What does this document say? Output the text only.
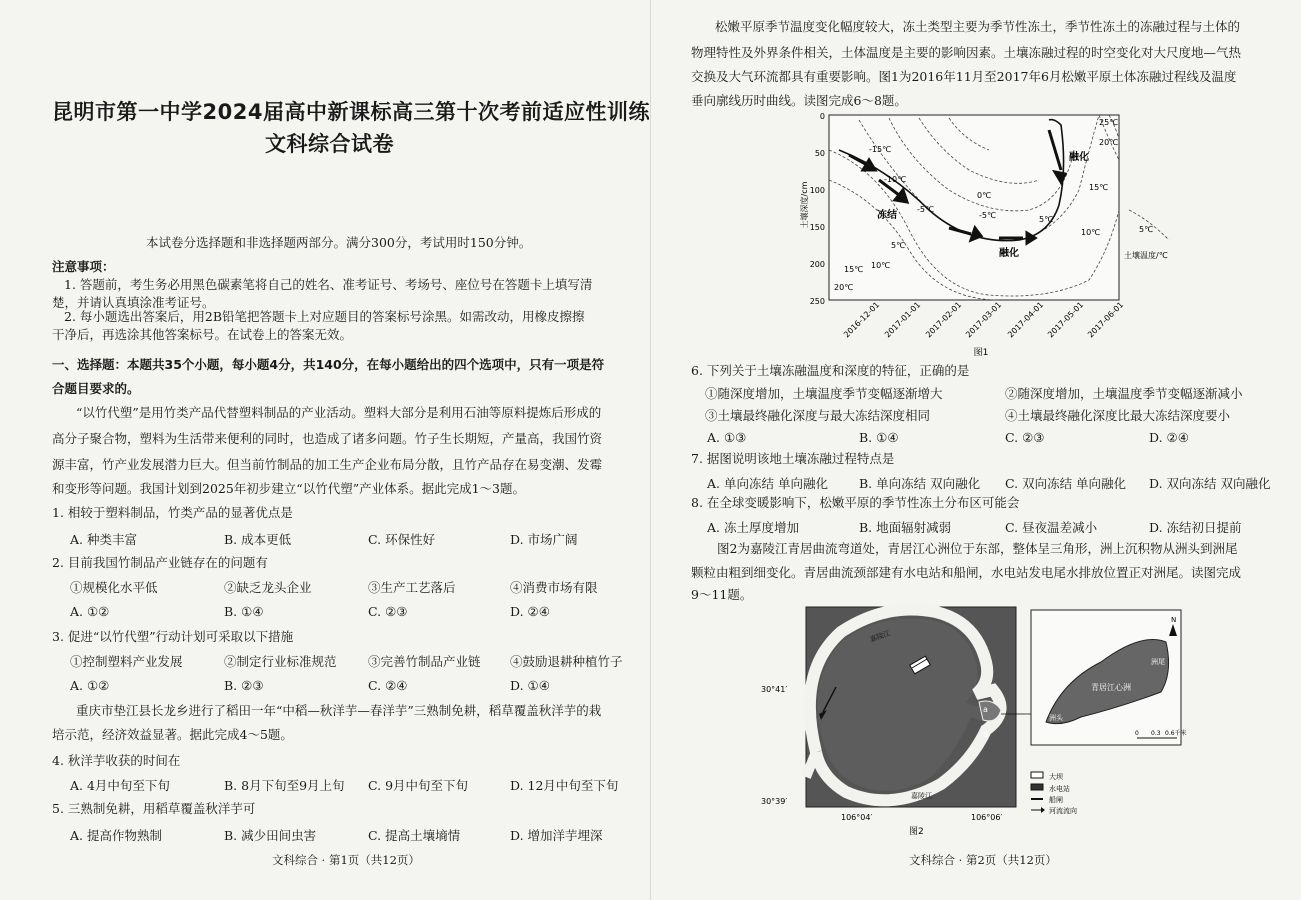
昆明市第一中学2024届高中新课标高三第十次考前适应性训练
文科综合试卷
本试卷分选择题和非选择题两部分。满分300分，考试用时150分钟。
注意事项：
1. 答题前，考生务必用黑色碳素笔将自己的姓名、准考证号、考场号、座位号在答题卡上填写清
楚，并请认真填涂准考证号。
2. 每小题选出答案后，用2B铅笔把答题卡上对应题目的答案标号涂黑。如需改动，用橡皮擦擦
干净后，再选涂其他答案标号。在试卷上的答案无效。
一、选择题：本题共35个小题，每小题4分，共140分，在每小题给出的四个选项中，只有一项是符
合题目要求的。
“以竹代塑”是用竹类产品代替塑料制品的产业活动。塑料大部分是利用石油等原料提炼后形成的
高分子聚合物，塑料为生活带来便利的同时，也造成了诸多问题。竹子生长期短，产量高，我国竹资
源丰富，竹产业发展潜力巨大。但当前竹制品的加工生产企业布局分散，且竹产品存在易变潮、发霉
和变形等问题。我国计划到2025年初步建立“以竹代塑”产业体系。据此完成1～3题。
1. 相较于塑料制品，竹类产品的显著优点是
A. 种类丰富	B. 成本更低	C. 环保性好	D. 市场广阔
2. 目前我国竹制品产业链存在的问题有
①规模化水平低	②缺乏龙头企业	③生产工艺落后	④消费市场有限
A. ①②	B. ①④	C. ②③	D. ②④
3. 促进“以竹代塑”行动计划可采取以下措施
①控制塑料产业发展	②制定行业标准规范	③完善竹制品产业链 ④鼓励退耕种植竹子
A. ①②	B. ②③	C. ②④	D. ①④
重庆市垫江县长龙乡进行了稻田一年“中稻—秋洋芋—春洋芋”三熟制免耕，稻草覆盖秋洋芋的栽
培示范，经济效益显著。据此完成4～5题。
4. 秋洋芋收获的时间在
A. 4月中旬至下旬	B. 8月下旬至9月上旬 C. 9月中旬至下旬	D. 12月中旬至下旬
5. 三熟制免耕，用稻草覆盖秋洋芋可
A. 提高作物熟制	B. 减少田间虫害	C. 提高土壤墒情	D. 增加洋芋埋深
文科综合 · 第1页（共12页）
松嫩平原季节温度变化幅度较大，冻土类型主要为季节性冻土，季节性冻土的冻融过程与土体的
物理特性及外界条件相关，土体温度是主要的影响因素。土壤冻融过程的时空变化对大尺度地—气热
交换及大气环流都具有重要影响。图1为2016年11月至2017年6月松嫩平原土体冻融过程线及温度
垂向廓线历时曲线。读图完成6～8题。
土壤深度/cm
0
50
100
150
200
250 2016-12-01 2017-01-01 2017-02-01 2017-03-01 2017-04-01 2017-05-01 2017-06-01
25℃
20℃
15℃
10℃	5℃
-15℃
-10℃
-5℃
0℃
-5℃
5℃
10℃
15℃
20℃
5℃
冻结
融化
融化	土壤温度/℃
图1
6. 下列关于土壤冻融温度和深度的特征，正确的是
①随深度增加，土壤温度季节变幅逐渐增大	②随深度增加，土壤温度季节变幅逐渐减小
③土壤最终融化深度与最大冻结深度相同	④土壤最终融化深度比最大冻结深度要小
A. ①③	B. ①④	C. ②③	D. ②④
7. 据图说明该地土壤冻融过程特点是
A. 单向冻结 单向融化 B. 单向冻结 双向融化 C. 双向冻结 单向融化 D. 双向冻结 双向融化
8. 在全球变暖影响下，松嫩平原的季节性冻土分布区可能会
A. 冻土厚度增加	B. 地面辐射减弱	C. 昼夜温差减小	D. 冻结初日提前
图2为嘉陵江青居曲流弯道处，青居江心洲位于东部，整体呈三角形，洲上沉积物从洲头到洲尾
颗粒由粗到细变化。青居曲流颈部建有水电站和船闸，水电站发电尾水排放位置正对洲尾。读图完成
9～11题。
嘉陵江
嘉陵江
a
b
30°41′
30°39′
106°04′	106°06′
图2
青居江心洲
洲头
洲尾
N
0 0.3 0.6千米
大坝
水电站
船闸
河流流向
文科综合 · 第2页（共12页）
